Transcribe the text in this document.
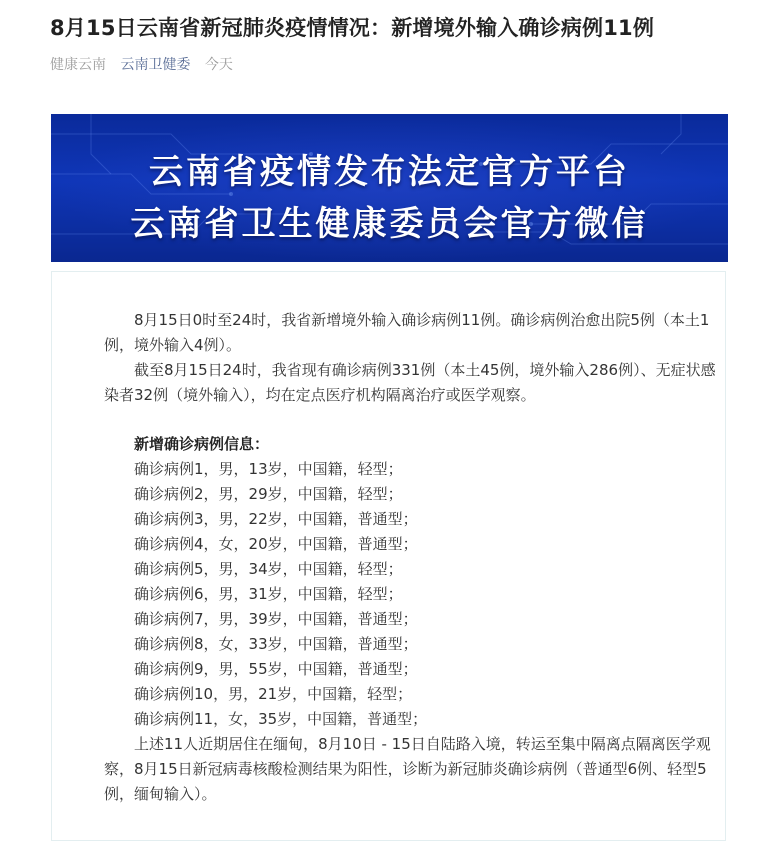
8月15日云南省新冠肺炎疫情情况：新增境外输入确诊病例11例
健康云南 云南卫健委 今天
云南省疫情发布法定官方平台
云南省卫生健康委员会官方微信

8月15日0时至24时，我省新增境外输入确诊病例11例。确诊病例治愈出院5例（本土1例，境外输入4例）。

截至8月15日24时，我省现有确诊病例331例（本土45例，境外输入286例）、无症状感染者32例（境外输入），均在定点医疗机构隔离治疗或医学观察。

新增确诊病例信息：

确诊病例1，男，13岁，中国籍，轻型；

确诊病例2，男，29岁，中国籍，轻型；

确诊病例3，男，22岁，中国籍，普通型；

确诊病例4，女，20岁，中国籍，普通型；

确诊病例5，男，34岁，中国籍，轻型；

确诊病例6，男，31岁，中国籍，轻型；

确诊病例7，男，39岁，中国籍，普通型；

确诊病例8，女，33岁，中国籍，普通型；

确诊病例9，男，55岁，中国籍，普通型；

确诊病例10，男，21岁，中国籍，轻型；

确诊病例11，女，35岁，中国籍，普通型；

上述11人近期居住在缅甸，8月10日 - 15日自陆路入境，转运至集中隔离点隔离医学观察，8月15日新冠病毒核酸检测结果为阳性，诊断为新冠肺炎确诊病例（普通型6例、轻型5例，缅甸输入）。
